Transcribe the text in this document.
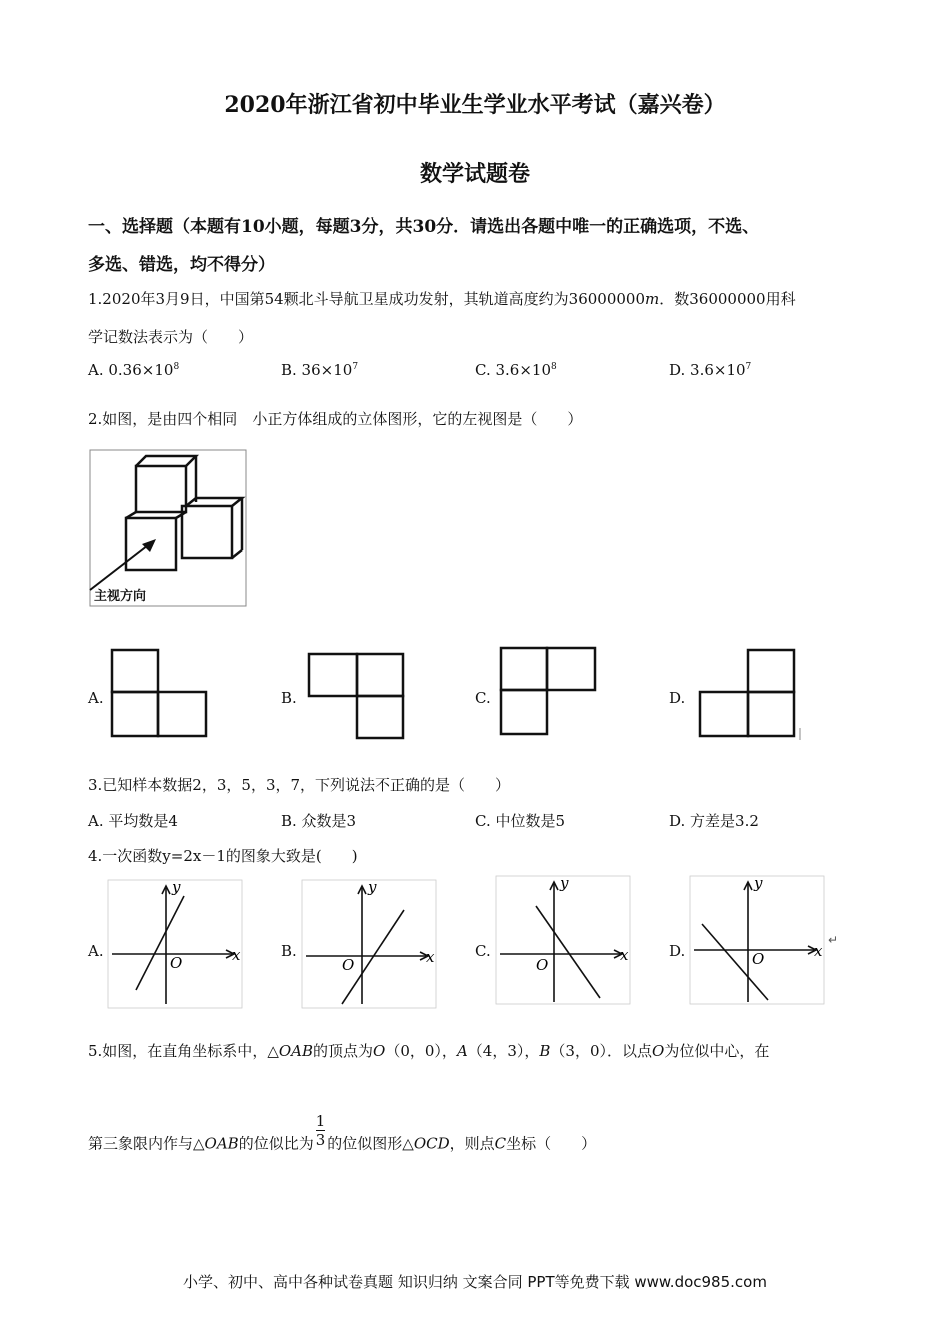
2020年浙江省初中毕业生学业水平考试（嘉兴卷）
数学试题卷
一、选择题（本题有10小题，每题3分，共30分．请选出各题中唯一的正确选项，不选、
多选、错选，均不得分）
1.2020年3月9日，中国第54颗北斗导航卫星成功发射，其轨道高度约为36000000m．数36000000用科
学记数法表示为（　　）
A. $0.36\times 10^8$	B. $36\times 10^7$	C. $3.6\times 10^8$	D. $3.6\times 10^7$
2.如图，是由四个相同　小正方体组成的立体图形，它的左视图是（　　）
主视方向
A.	B.	C.	D.
3.已知样本数据2，3，5，3，7，下列说法不正确的是（　　）
A. 平均数是4	B. 众数是3	C. 中位数是5	D. 方差是3.2
4.一次函数y=2x－1的图象大致是(　　)
A.	x
y
O
B.	x
y
O
C.	x
y
O
D.	x
y
O
↵
5.如图，在直角坐标系中，△OAB的顶点为O（0，0），A（4，3），B（3，0）．以点O为位似中心，在
第三象限内作与△OAB的位似比为 $\frac{1}{3}$ 的位似图形△OCD，则点C坐标（　　）
小学、初中、高中各种试卷真题 知识归纳 文案合同 PPT等免费下载 www.doc985.com
